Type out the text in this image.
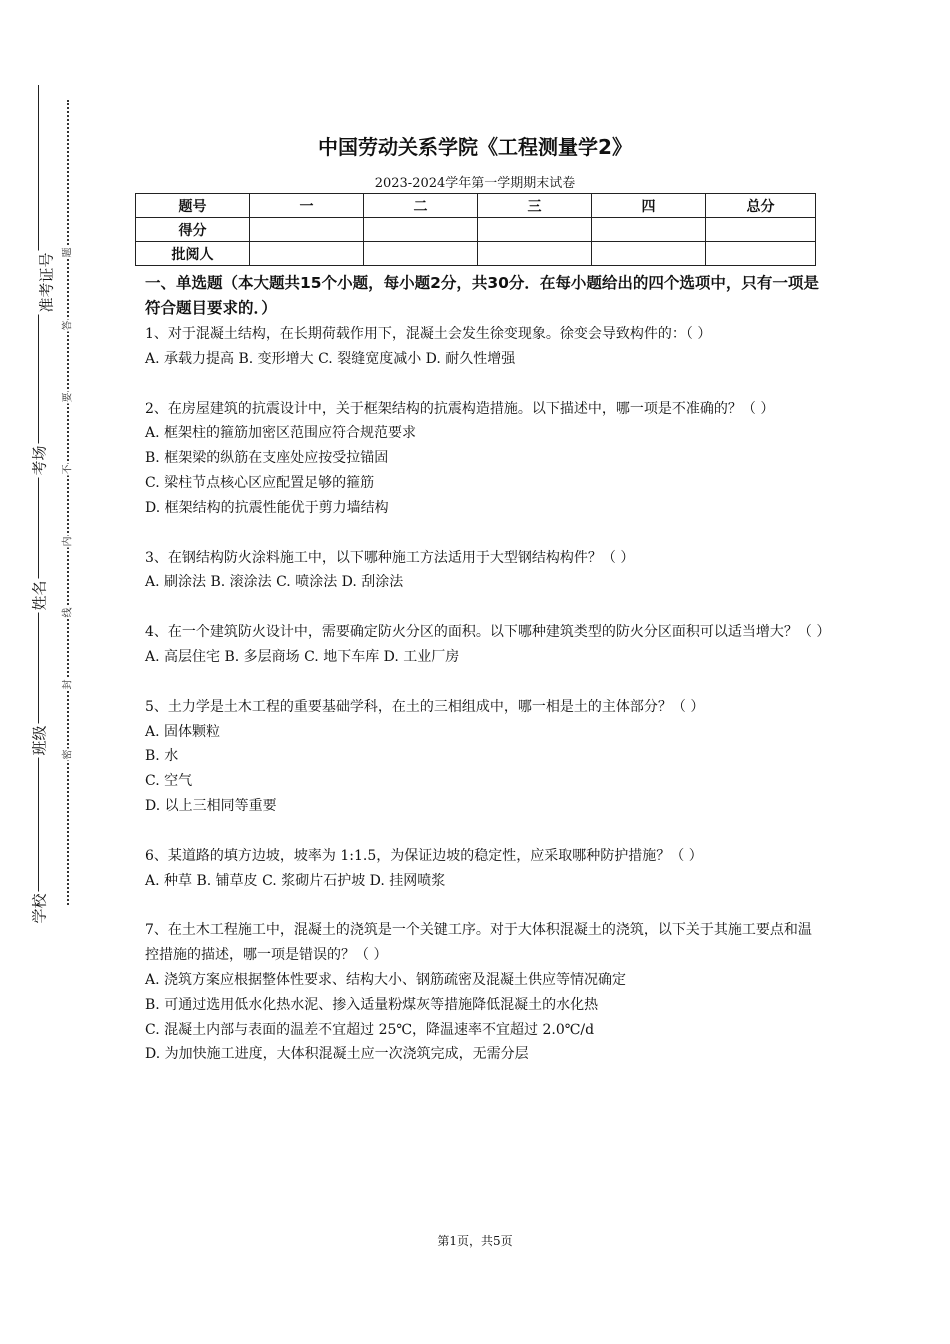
准考证号
考场
姓名
班级
学校
题
答
要
不
内
线
封
密
中国劳动关系学院《工程测量学2》
2023-2024学年第一学期期末试卷
题号	一	二	三	四	总分
得分					
批阅人					
一、单选题（本大题共15个小题，每小题2分，共30分．在每小题给出的四个选项中，只有一项是符合题目要求的．）

1、对于混凝土结构，在长期荷载作用下，混凝土会发生徐变现象。徐变会导致构件的：（ ）

A. 承载力提高 B. 变形增大 C. 裂缝宽度减小 D. 耐久性增强

2、在房屋建筑的抗震设计中，关于框架结构的抗震构造措施。以下描述中，哪一项是不准确的？（ ）

A. 框架柱的箍筋加密区范围应符合规范要求

B. 框架梁的纵筋在支座处应按受拉锚固

C. 梁柱节点核心区应配置足够的箍筋

D. 框架结构的抗震性能优于剪力墙结构

3、在钢结构防火涂料施工中，以下哪种施工方法适用于大型钢结构构件？（ ）

A. 刷涂法 B. 滚涂法 C. 喷涂法 D. 刮涂法

4、在一个建筑防火设计中，需要确定防火分区的面积。以下哪种建筑类型的防火分区面积可以适当增大？（ ）

A. 高层住宅 B. 多层商场 C. 地下车库 D. 工业厂房

5、土力学是土木工程的重要基础学科，在土的三相组成中，哪一相是土的主体部分？（ ）

A. 固体颗粒

B. 水

C. 空气

D. 以上三相同等重要

6、某道路的填方边坡，坡率为 1:1.5，为保证边坡的稳定性，应采取哪种防护措施？（ ）

A. 种草 B. 铺草皮 C. 浆砌片石护坡 D. 挂网喷浆

7、在土木工程施工中，混凝土的浇筑是一个关键工序。对于大体积混凝土的浇筑，以下关于其施工要点和温控措施的描述，哪一项是错误的？（ ）

A. 浇筑方案应根据整体性要求、结构大小、钢筋疏密及混凝土供应等情况确定

B. 可通过选用低水化热水泥、掺入适量粉煤灰等措施降低混凝土的水化热

C. 混凝土内部与表面的温差不宜超过 25℃，降温速率不宜超过 2.0℃/d

D. 为加快施工进度，大体积混凝土应一次浇筑完成，无需分层

第1页，共5页
